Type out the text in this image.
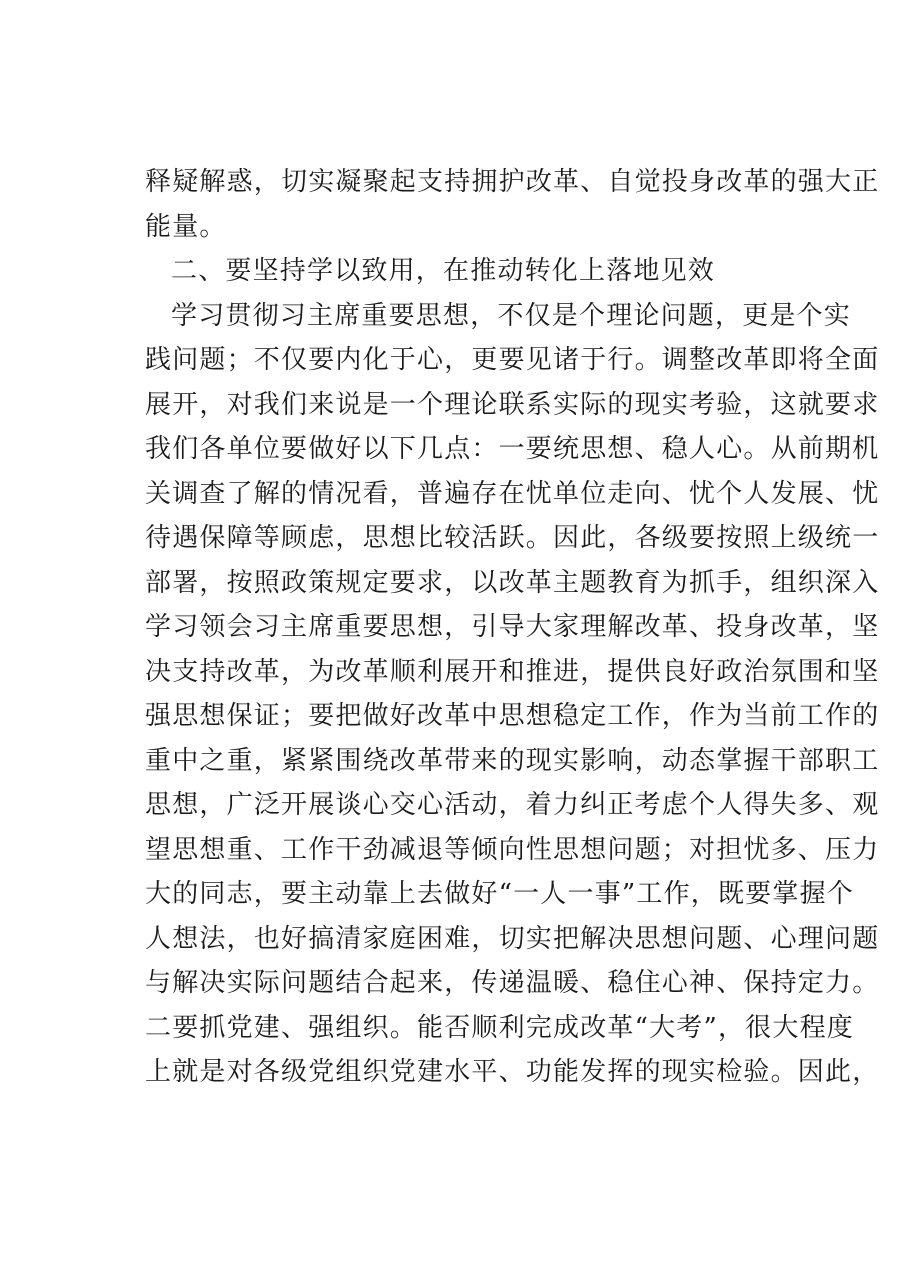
释疑解惑，切实凝聚起支持拥护改革、自觉投身改革的强大正
能量。
二、要坚持学以致用，在推动转化上落地见效
学习贯彻习主席重要思想，不仅是个理论问题，更是个实
践问题；不仅要内化于心，更要见诸于行。调整改革即将全面
展开，对我们来说是一个理论联系实际的现实考验，这就要求
我们各单位要做好以下几点：一要统思想、稳人心。从前期机
关调查了解的情况看，普遍存在忧单位走向、忧个人发展、忧
待遇保障等顾虑，思想比较活跃。因此，各级要按照上级统一
部署，按照政策规定要求，以改革主题教育为抓手，组织深入
学习领会习主席重要思想，引导大家理解改革、投身改革，坚
决支持改革，为改革顺利展开和推进，提供良好政治氛围和坚
强思想保证；要把做好改革中思想稳定工作，作为当前工作的
重中之重，紧紧围绕改革带来的现实影响，动态掌握干部职工
思想，广泛开展谈心交心活动，着力纠正考虑个人得失多、观
望思想重、工作干劲减退等倾向性思想问题；对担忧多、压力
大的同志，要主动靠上去做好“一人一事”工作，既要掌握个
人想法，也好搞清家庭困难，切实把解决思想问题、心理问题
与解决实际问题结合起来，传递温暖、稳住心神、保持定力。
二要抓党建、强组织。能否顺利完成改革“大考”，很大程度
上就是对各级党组织党建水平、功能发挥的现实检验。因此，
